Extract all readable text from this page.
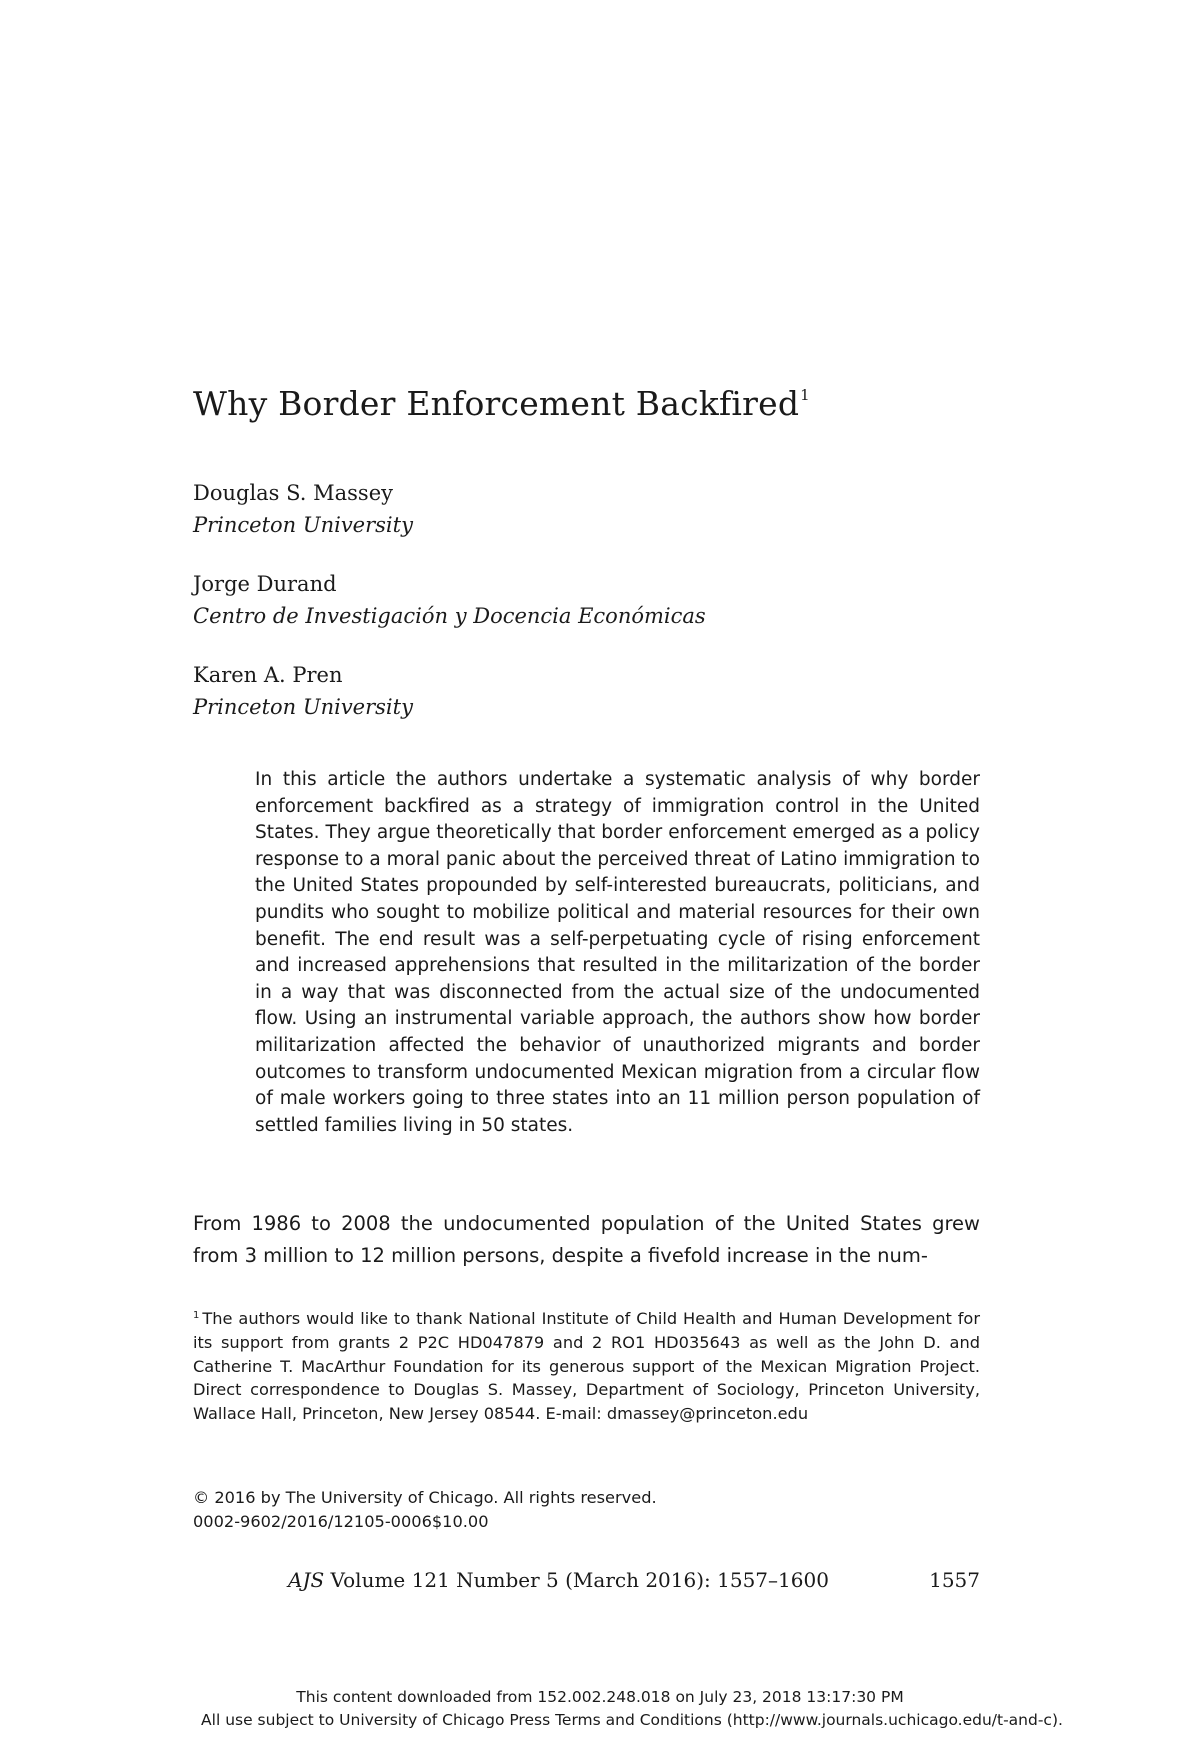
Why Border Enforcement Backfired$^1$
Douglas S. Massey
Princeton University
Jorge Durand
Centro de Investigación y Docencia Económicas
Karen A. Pren
Princeton University
In this article the authors undertake a systematic analysis of why border enforcement backfired as a strategy of immigration control in the United States. They argue theoretically that border enforcement emerged as a policy response to a moral panic about the perceived threat of Latino immigration to the United States propounded by self-interested bureaucrats, politicians, and pundits who sought to mobilize political and material resources for their own benefit. The end result was a self-perpetuating cycle of rising enforcement and increased apprehensions that resulted in the militarization of the border in a way that was disconnected from the actual size of the undocumented flow. Using an instrumental variable approach, the authors show how border militarization affected the behavior of unauthorized migrants and border outcomes to transform undocumented Mexican migration from a circular flow of male workers going to three states into an 11 million person population of settled families living in 50 states.
From 1986 to 2008 the undocumented population of the United States grew from 3 million to 12 million persons, despite a fivefold increase in the num-
$^1$ The authors would like to thank National Institute of Child Health and Human Development for its support from grants 2 P2C HD047879 and 2 RO1 HD035643 as well as the John D. and Catherine T. MacArthur Foundation for its generous support of the Mexican Migration Project. Direct correspondence to Douglas S. Massey, Department of Sociology, Princeton University, Wallace Hall, Princeton, New Jersey 08544. E-mail: dmassey@princeton.edu
© 2016 by The University of Chicago. All rights reserved.
0002-9602/2016/12105-0006$10.00
AJS Volume 121 Number 5 (March 2016): 1557–1600	1557
This content downloaded from 152.002.248.018 on July 23, 2018 13:17:30 PM
All use subject to University of Chicago Press Terms and Conditions (http://www.journals.uchicago.edu/t-and-c).
